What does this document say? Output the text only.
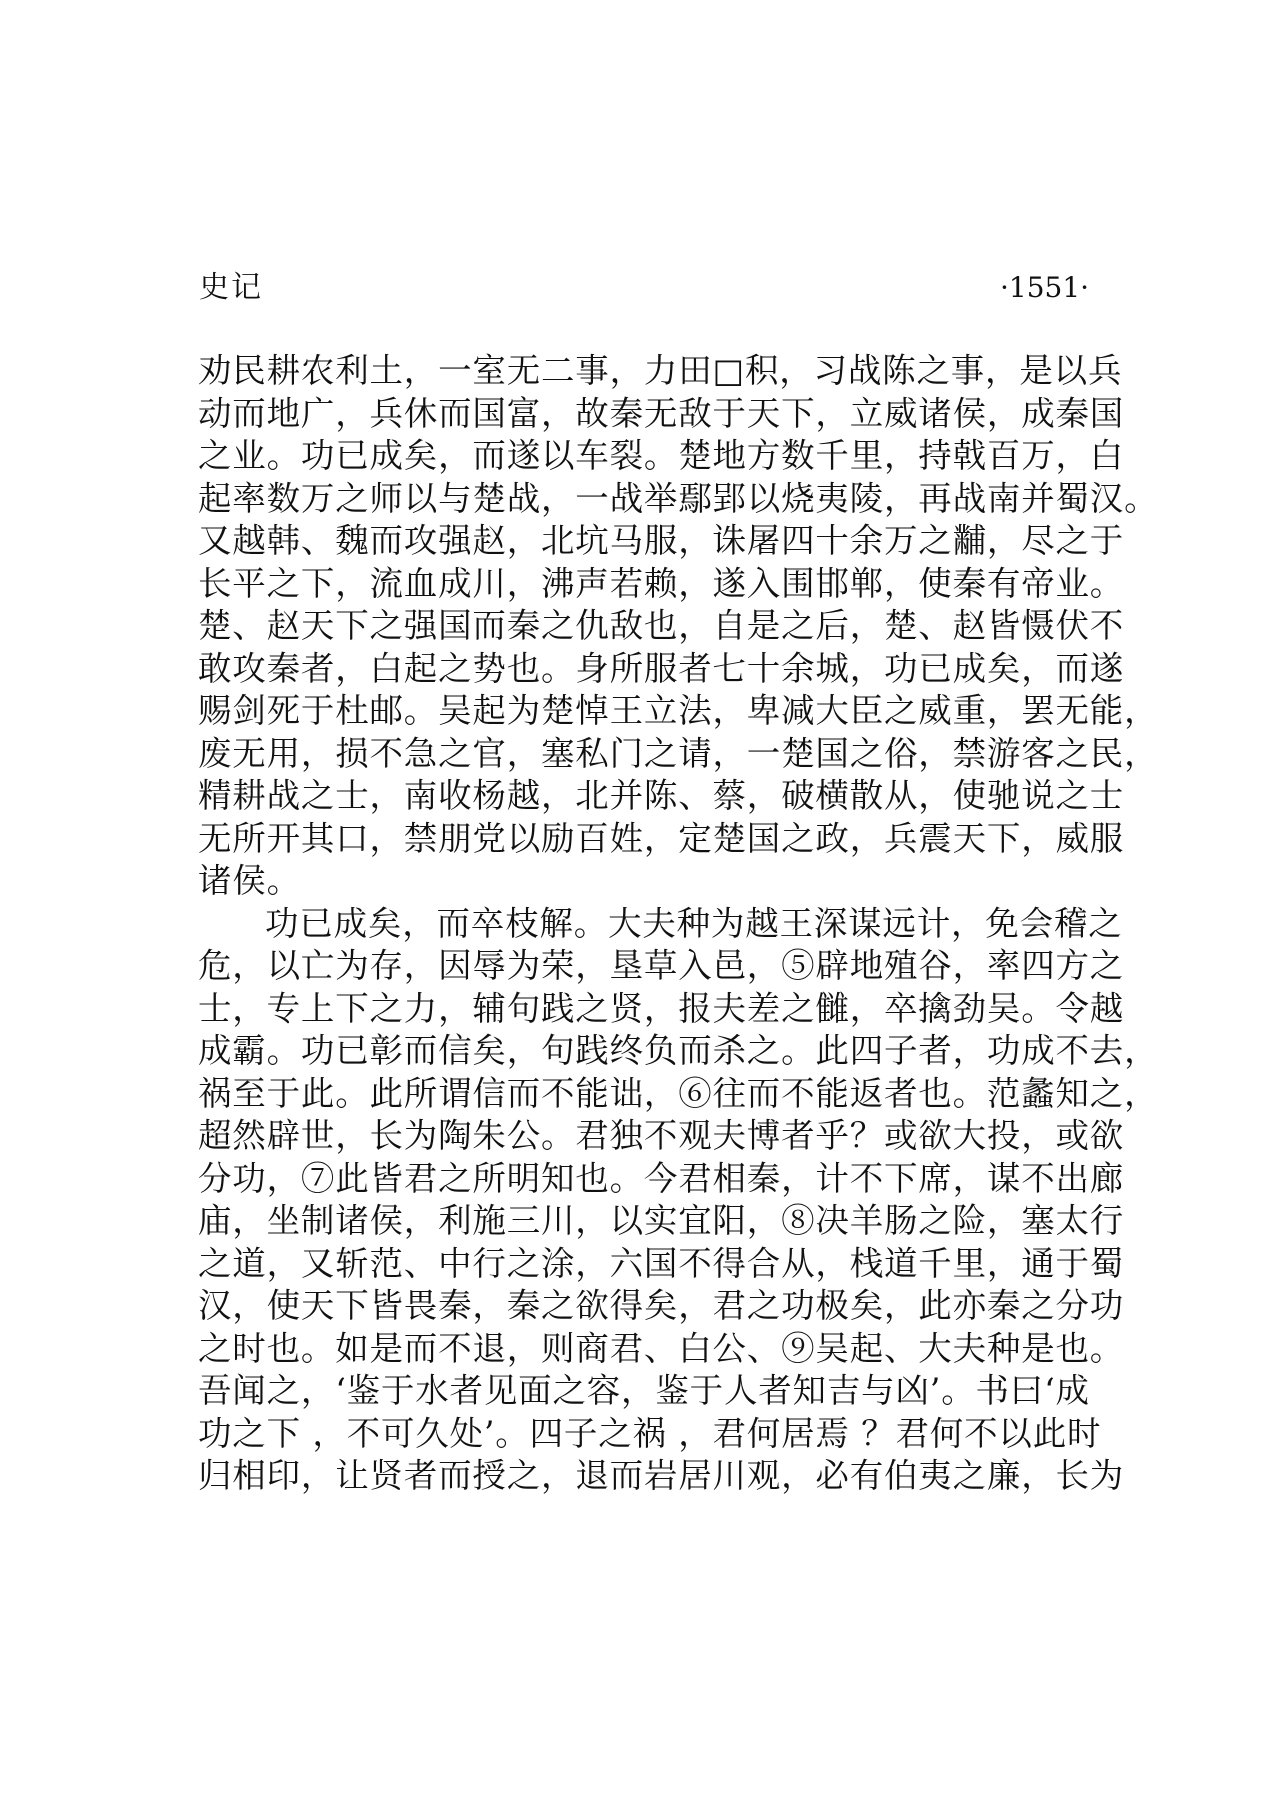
史记	·1551·
劝民耕农利土，一室无二事，力田□积，习战陈之事，是以兵
动而地广，兵休而国富，故秦无敌于天下，立威诸侯，成秦国
之业。功已成矣，而遂以车裂。楚地方数千里，持戟百万，白
起率数万之师以与楚战，一战举鄢郢以烧夷陵，再战南并蜀汉。
又越韩、魏而攻强赵，北坑马服，诛屠四十余万之黼，尽之于
长平之下，流血成川，沸声若赖，遂入围邯郸，使秦有帝业。
楚、赵天下之强国而秦之仇敌也，自是之后，楚、赵皆慑伏不
敢攻秦者，白起之势也。身所服者七十余城，功已成矣，而遂
赐剑死于杜邮。吴起为楚悼王立法，卑减大臣之威重，罢无能，
废无用，损不急之官，塞私门之请，一楚国之俗，禁游客之民，
精耕战之士，南收杨越，北并陈、蔡，破横散从，使驰说之士
无所开其口，禁朋党以励百姓，定楚国之政，兵震天下，威服
诸侯。
功已成矣，而卒枝解。大夫种为越王深谋远计，免会稽之
危，以亡为存，因辱为荣，垦草入邑，⑤辟地殖谷，率四方之
士，专上下之力，辅句践之贤，报夫差之雠，卒擒劲吴。令越
成霸。功已彰而信矣，句践终负而杀之。此四子者，功成不去，
祸至于此。此所谓信而不能诎，⑥往而不能返者也。范蠡知之，
超然辟世，长为陶朱公。君独不观夫博者乎？或欲大投，或欲
分功，⑦此皆君之所明知也。今君相秦，计不下席，谋不出廊
庙，坐制诸侯，利施三川，以实宜阳，⑧决羊肠之险，塞太行
之道，又斩范、中行之涂，六国不得合从，栈道千里，通于蜀
汉，使天下皆畏秦，秦之欲得矣，君之功极矣，此亦秦之分功
之时也。如是而不退，则商君、白公、⑨吴起、大夫种是也。
吾闻之，‘鉴于水者见面之容，鉴于人者知吉与凶’。书曰‘成
功之下 ，不可久处’。四子之祸 ，君何居焉 ？君何不以此时
归相印，让贤者而授之，退而岩居川观，必有伯夷之廉，长为
